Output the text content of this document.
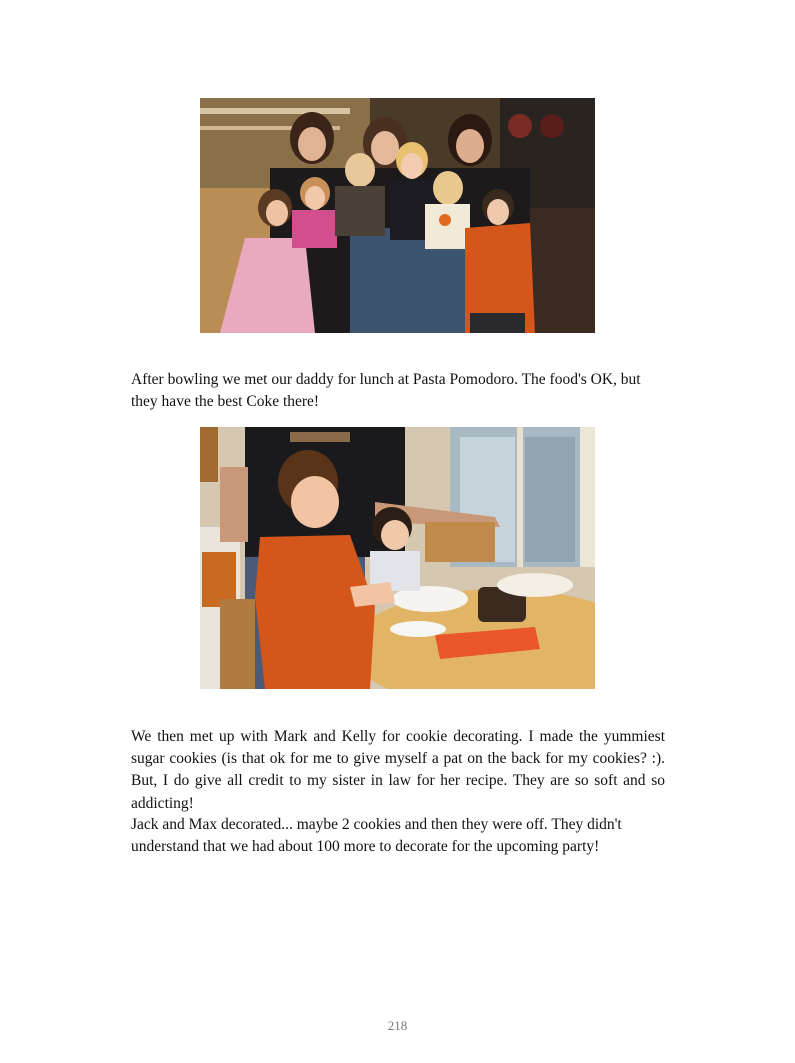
After bowling we met our daddy for lunch at Pasta Pomodoro. The food's OK, but they have the best Coke there!

We then met up with Mark and Kelly for cookie decorating. I made the yummiest sugar cookies (is that ok for me to give myself a pat on the back for my cookies? :). But, I do give all credit to my sister in law for her recipe. They are so soft and so addicting!

Jack and Max decorated... maybe 2 cookies and then they were off. They didn't understand that we had about 100 more to decorate for the upcoming party!

218
